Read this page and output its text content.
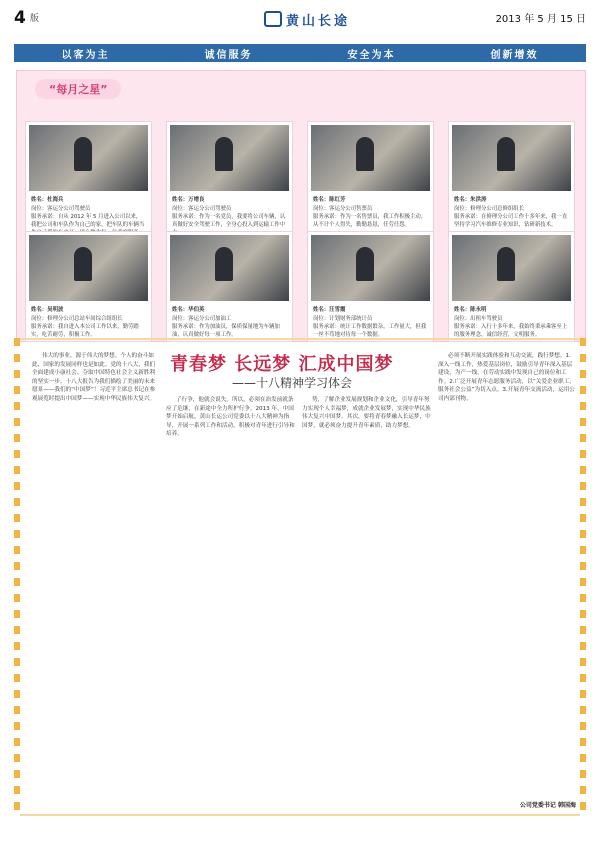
4 版	黄山长途	2013 年 5 月 15 日
以客为主	诚信服务	安全为本	创新增效
“每月之星”
姓名：杜海兵
岗位：客运分公司驾驶员
服务承诺：自从 2012 年 5 月进入公司以来，我把公司和车队作为自己的家，把车队的车辆当
姓名：万增良
岗位：客运分公司驾驶员
服务承诺：作为一名党员，我要将公司车辆，认真做好安全驾驶工作，全身心投入到运输工作中
姓名：陈红芳
岗位：客运分公司售票员
服务承诺：作为一名售票员，我工作积极主动，从不计个人得失，勤勤恳恳，任劳任怨。
姓名：朱洪涛
岗位：修理分公司总修组组长
服务承诺：在修理分公司工作十多年来，我一直坚持学习汽车维修专业知识，钻研新技术。
姓名：吴明波
岗位：修理分公司总站车间综合组组长
服务承诺：我自进入本公司工作以来，勤劳踏实，吃苦耐劳，积极工作。
姓名：华伯英
岗位：客运分公司加油工
服务承诺：作为加油员，保质保量地为车辆加油，认真做好每一项工作。
姓名：汪雪霞
岗位：计划财务部统计员
服务承诺：统计工作数据繁杂，工作量大，但我一丝不苟地对待每一个数据。
姓名：陈永明
岗位：出租车驾驶员
服务承诺：入行十多年来，我始终秉承乘客至上的服务理念，诚信经营，文明服务。
青春梦 长远梦 汇成中国梦
——十八精神学习体会
伟大的事业，源于伟大的梦想。个人的奋斗如此，国家的发展同样也是如此。党的十八大，我们全面建成小康社会、夺取中国特色社会主义新胜利的坚实一步。十八大报告为我们描绘了美丽的未来愿景——我们的“中国梦”！习近平主席总书记在参观展览时提出中国梦——实现中华民族伟大复兴。	了行争，他就会说失。所以，必须在治发前就条应了危继，在新途中全力所护行争。2013 年，中国梦开始启航，黄山长运公司党委以十八大精神为指导，开展一系列工作和活动，积极对青年进行引导和培养。
势，了解企业发展规划和企业文化，引导青年努力实现个人幸福梦，成就企业发展梦，实现中华民族伟大复兴中国梦。其次，要将青春梦融入长运梦，中国梦，就必须奋力提升青年素质，助力梦想。
必须不断开展实践体验和互动交流，践行梦想。1.深入一线工作，热爱基层岗位，鼓励引导青年深入基层建设，为产一线，在劳动实践中发现自己的岗位和工作。2.广泛开展青年志愿服务活动，以“关爱企业职工，服务社会公益”为切入点。3.开展青年交流活动，运用公司内部刊物。
公司党委书记 韩国海
